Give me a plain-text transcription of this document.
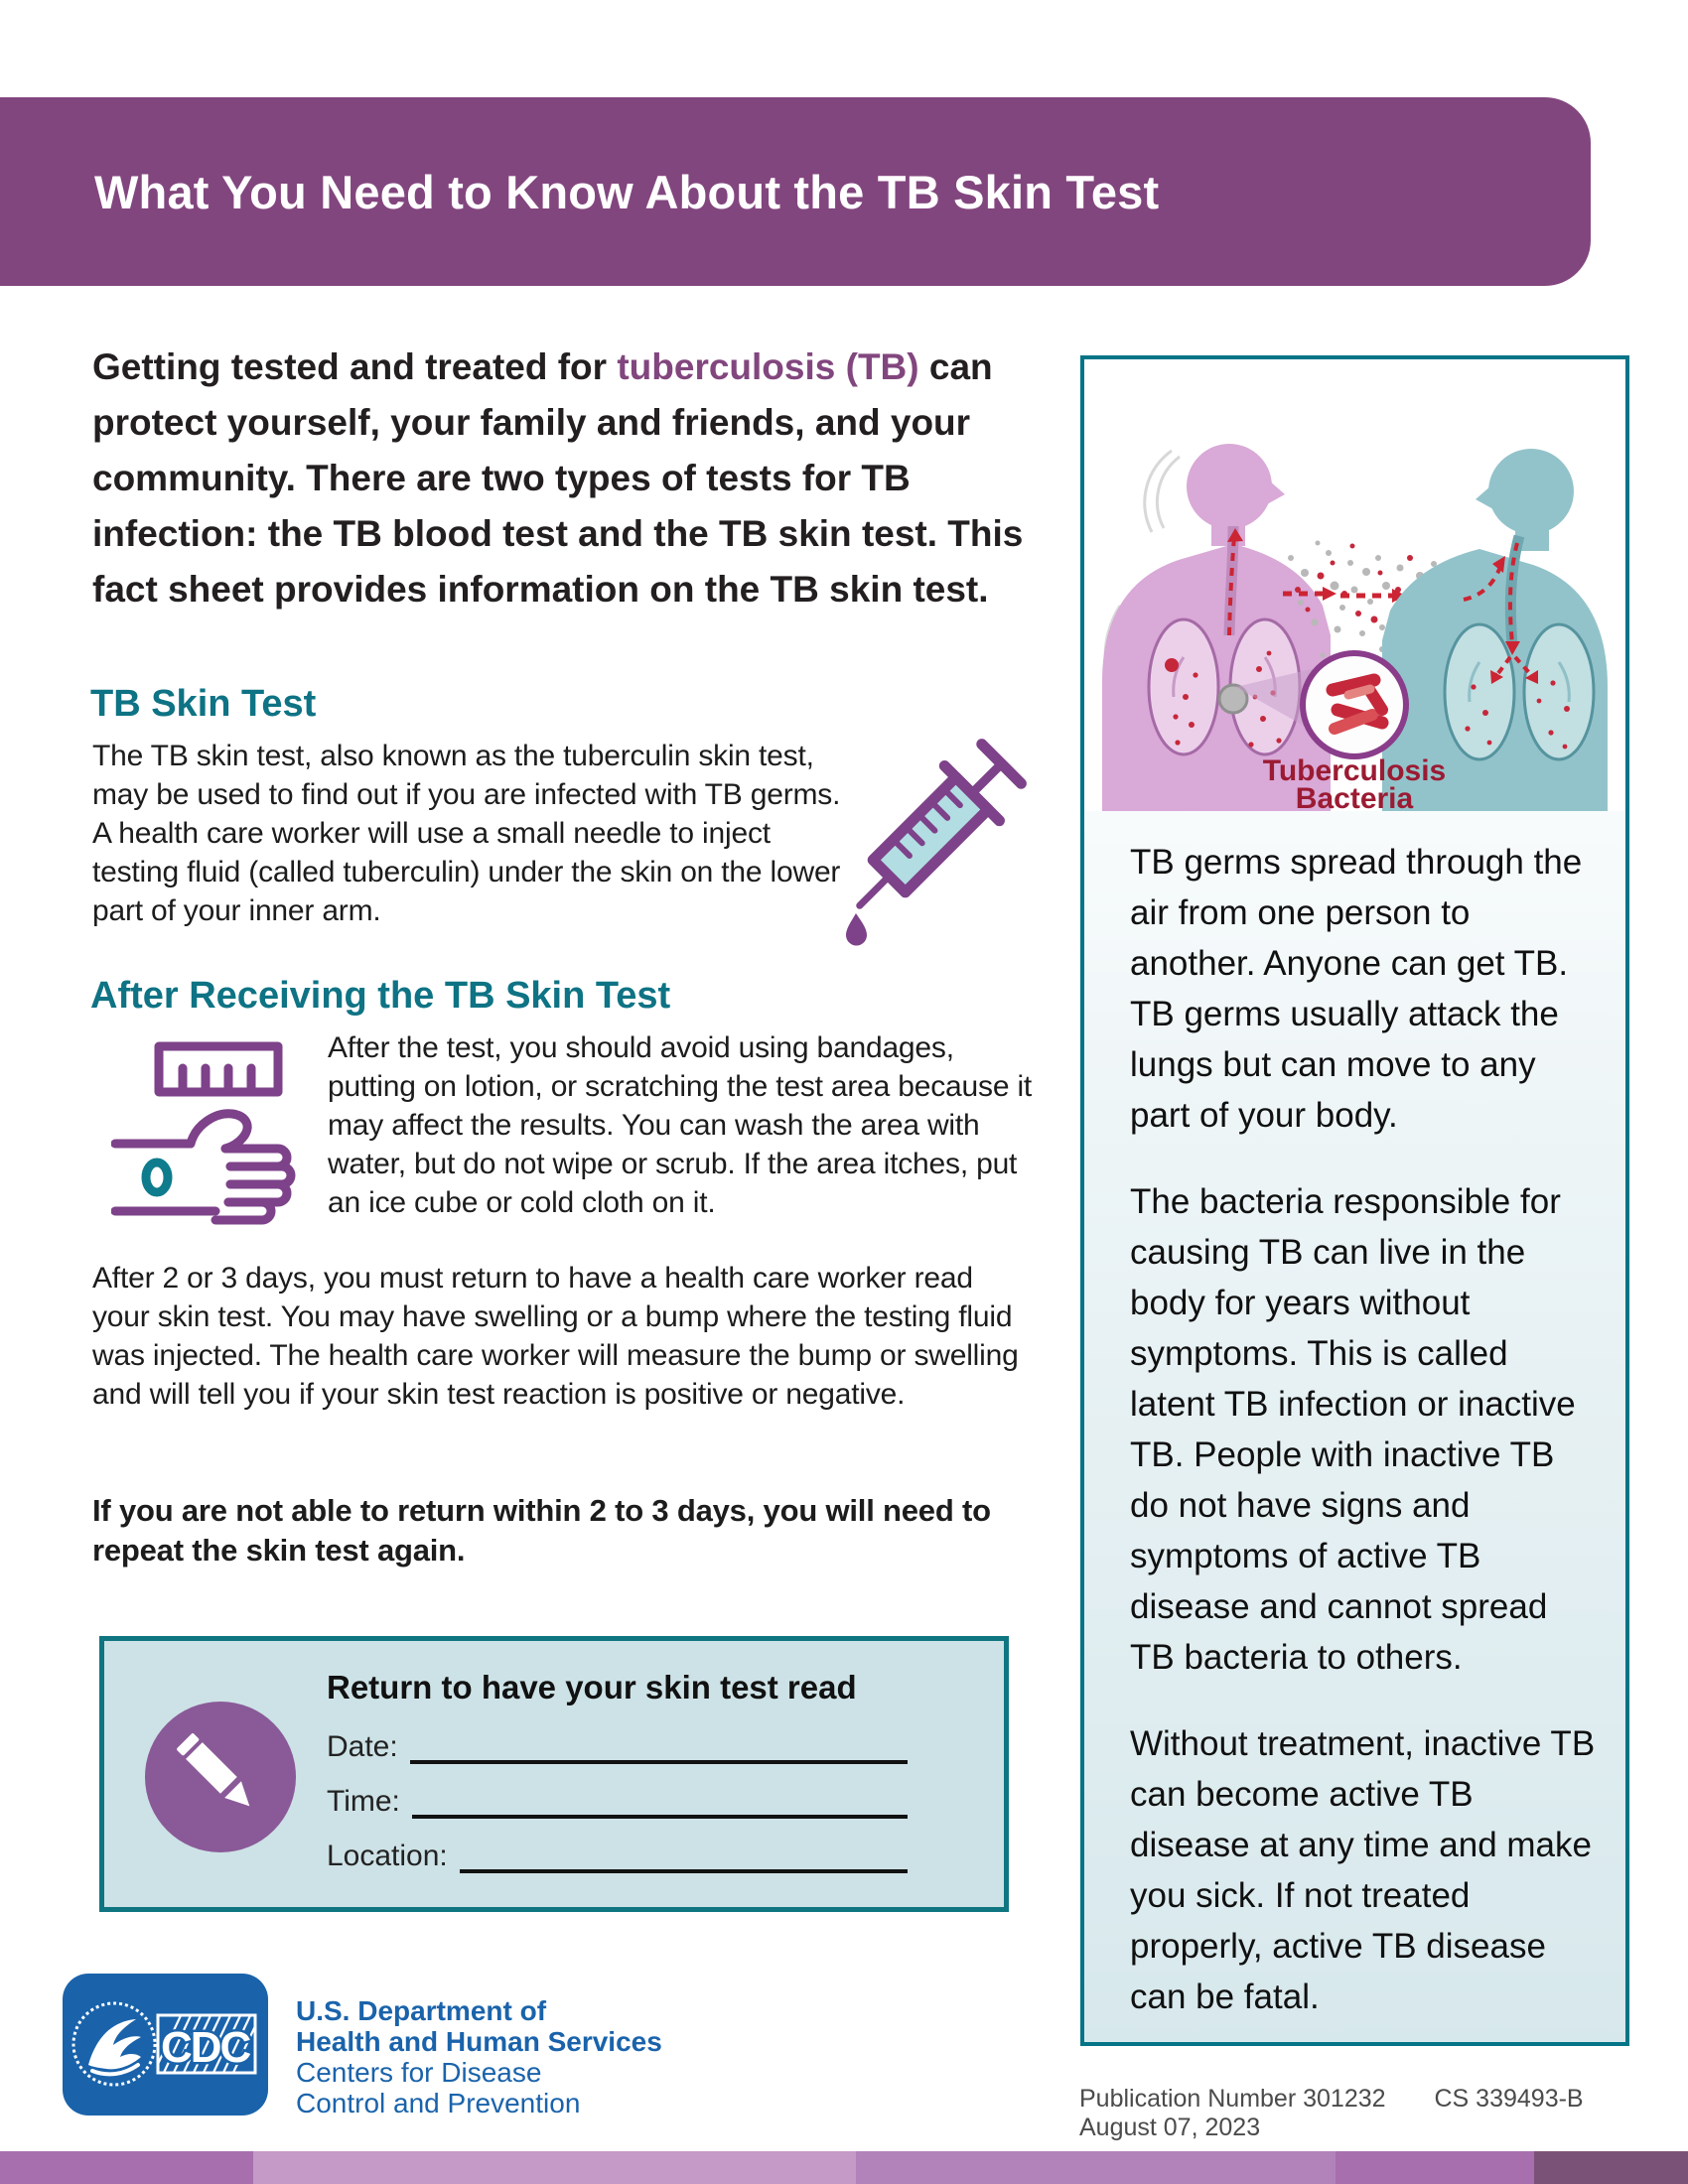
What You Need to Know About the TB Skin Test

Getting tested and treated for tuberculosis (TB) can protect yourself, your family and friends, and your community. There are two types of tests for TB infection: the TB blood test and the TB skin test. This fact sheet provides information on the TB skin test.

TB Skin Test

The TB skin test, also known as the tuberculin skin test, may be used to find out if you are infected with TB germs. A health care worker will use a small needle to inject testing fluid (called tuberculin) under the skin on the lower part of your inner arm.

After Receiving the TB Skin Test

After the test, you should avoid using bandages, putting on lotion, or scratching the test area because it may affect the results. You can wash the area with water, but do not wipe or scrub. If the area itches, put an ice cube or cold cloth on it.

After 2 or 3 days, you must return to have a health care worker read your skin test. You may have swelling or a bump where the testing fluid was injected. The health care worker will measure the bump or swelling and will tell you if your skin test reaction is positive or negative.

If you are not able to return within 2 to 3 days, you will need to repeat the skin test again.

Return to have your skin test read

Date:
Time:
Location:
Tuberculosis
Bacteria

TB germs spread through the air from one person to another. Anyone can get TB. TB germs usually attack the lungs but can move to any part of your body.

The bacteria responsible for causing TB can live in the body for years without symptoms. This is called latent TB infection or inactive TB. People with inactive TB do not have signs and symptoms of active TB disease and cannot spread TB bacteria to others.

Without treatment, inactive TB can become active TB disease at any time and make you sick. If not treated properly, active TB disease can be fatal.

CDC
U.S. Department of
Health and Human Services
Centers for Disease
Control and Prevention	Publication Number 301232 CS 339493-B August 07, 2023
